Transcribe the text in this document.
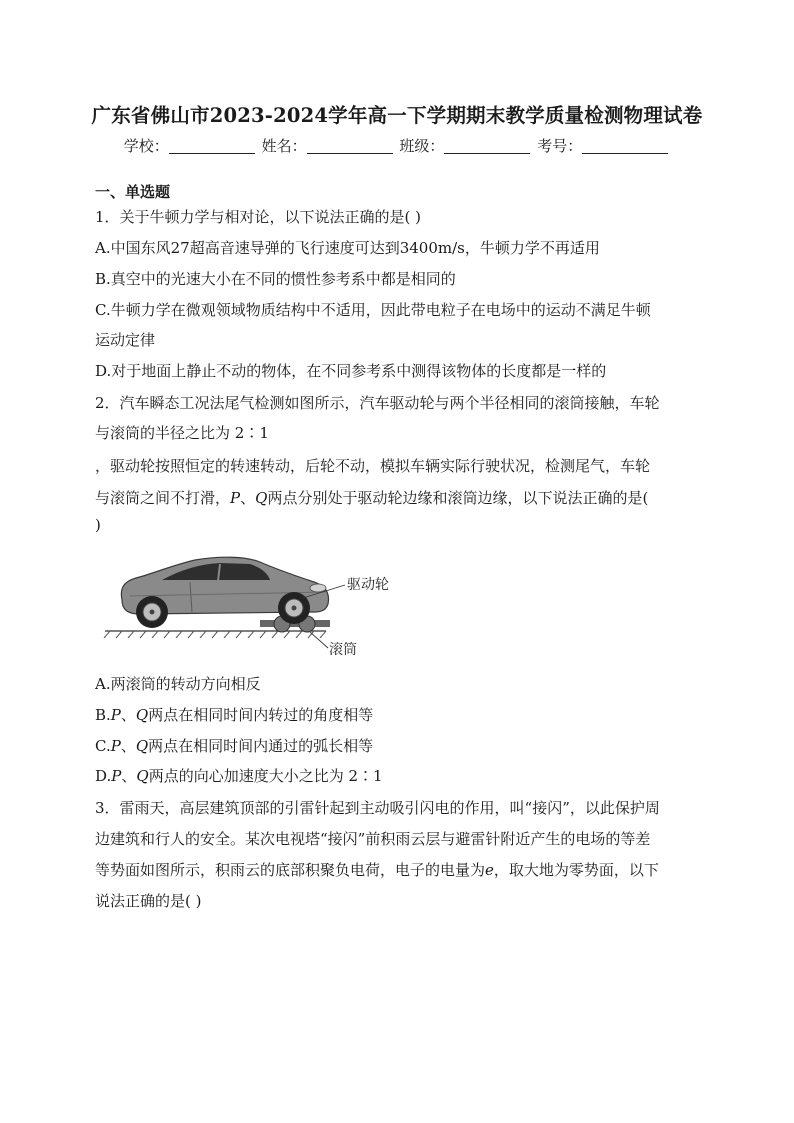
广东省佛山市2023-2024学年高一下学期期末教学质量检测物理试卷
学校：	姓名：	班级：	考号：
一、单选题
1．关于牛顿力学与相对论，以下说法正确的是( )
A.中国东风27超高音速导弹的飞行速度可达到3400m/s，牛顿力学不再适用
B.真空中的光速大小在不同的惯性参考系中都是相同的
C.牛顿力学在微观领域物质结构中不适用，因此带电粒子在电场中的运动不满足牛顿
运动定律
D.对于地面上静止不动的物体，在不同参考系中测得该物体的长度都是一样的
2．汽车瞬态工况法尾气检测如图所示，汽车驱动轮与两个半径相同的滚筒接触，车轮
与滚筒的半径之比为 2∶1
，驱动轮按照恒定的转速转动，后轮不动，模拟车辆实际行驶状况，检测尾气，车轮
与滚筒之间不打滑，P、Q两点分别处于驱动轮边缘和滚筒边缘，以下说法正确的是(
)
驱动轮
滚筒
A.两滚筒的转动方向相反
B.P、Q两点在相同时间内转过的角度相等
C.P、Q两点在相同时间内通过的弧长相等
D.P、Q两点的向心加速度大小之比为 2∶1
3．雷雨天，高层建筑顶部的引雷针起到主动吸引闪电的作用，叫“接闪”，以此保护周
边建筑和行人的安全。某次电视塔“接闪”前积雨云层与避雷针附近产生的电场的等差
等势面如图所示，积雨云的底部积聚负电荷，电子的电量为e，取大地为零势面，以下
说法正确的是( )
